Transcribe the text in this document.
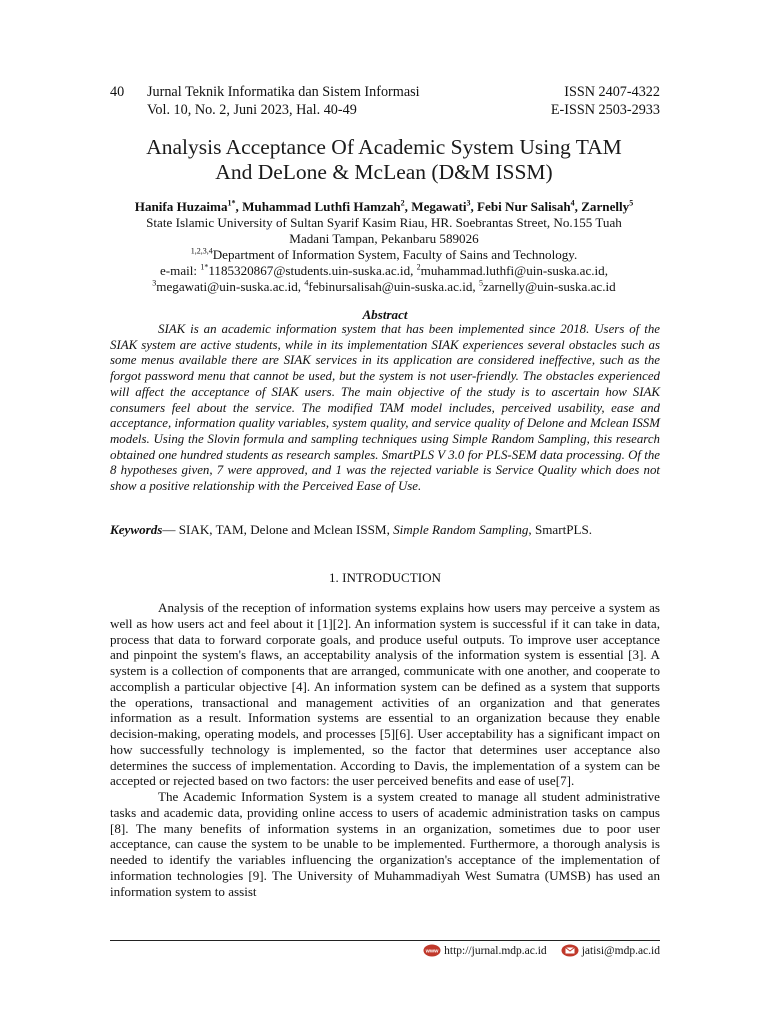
40 Jurnal Teknik Informatika dan Sistem Informasi	ISSN 2407-4322
Vol. 10, No. 2, Juni 2023, Hal. 40-49	E-ISSN 2503-2933
Analysis Acceptance Of Academic System Using TAM
And DeLone & McLean (D&M ISSM)
Hanifa Huzaima$^{1*}$, Muhammad Luthfi Hamzah$^2$, Megawati$^3$, Febi Nur Salisah$^4$, Zarnelly$^5$
State Islamic University of Sultan Syarif Kasim Riau, HR. Soebrantas Street, No.155 Tuah
Madani Tampan, Pekanbaru 589026
$^{1,2,3,4}$Department of Information System, Faculty of Sains and Technology.
e-mail: $^{1*}$1185320867@students.uin-suska.ac.id, $^2$muhammad.luthfi@uin-suska.ac.id,
$^3$megawati@uin-suska.ac.id, $^4$febinursalisah@uin-suska.ac.id, $^5$zarnelly@uin-suska.ac.id
Abstract

SIAK is an academic information system that has been implemented since 2018. Users of the SIAK system are active students, while in its implementation SIAK experiences several obstacles such as some menus available there are SIAK services in its application are considered ineffective, such as the forgot password menu that cannot be used, but the system is not user-friendly. The obstacles experienced will affect the acceptance of SIAK users. The main objective of the study is to ascertain how SIAK consumers feel about the service. The modified TAM model includes, perceived usability, ease and acceptance, information quality variables, system quality, and service quality of Delone and Mclean ISSM models. Using the Slovin formula and sampling techniques using Simple Random Sampling, this research obtained one hundred students as research samples. SmartPLS V 3.0 for PLS-SEM data processing. Of the 8 hypotheses given, 7 were approved, and 1 was the rejected variable is Service Quality which does not show a positive relationship with the Perceived Ease of Use.

Keywords— SIAK, TAM, Delone and Mclean ISSM, Simple Random Sampling, SmartPLS.
1. INTRODUCTION

Analysis of the reception of information systems explains how users may perceive a system as well as how users act and feel about it [1][2]. An information system is successful if it can take in data, process that data to forward corporate goals, and produce useful outputs. To improve user acceptance and pinpoint the system's flaws, an acceptability analysis of the information system is essential [3]. A system is a collection of components that are arranged, communicate with one another, and cooperate to accomplish a particular objective [4]. An information system can be defined as a system that supports the operations, transactional and management activities of an organization and that generates information as a result. Information systems are essential to an organization because they enable decision-making, operating models, and processes [5][6]. User acceptability has a significant impact on how successfully technology is implemented, so the factor that determines user acceptance also determines the success of implementation. According to Davis, the implementation of a system can be accepted or rejected based on two factors: the user perceived benefits and ease of use[7].

The Academic Information System is a system created to manage all student administrative tasks and academic data, providing online access to users of academic administration tasks on campus [8]. The many benefits of information systems in an organization, sometimes due to poor user acceptance, can cause the system to be unable to be implemented. Furthermore, a thorough analysis is needed to identify the variables influencing the organization's acceptance of the implementation of information technologies [9]. The University of Muhammadiyah West Sumatra (UMSB) has used an information system to assist

www http://jurnal.mdp.ac.id	jatisi@mdp.ac.id
